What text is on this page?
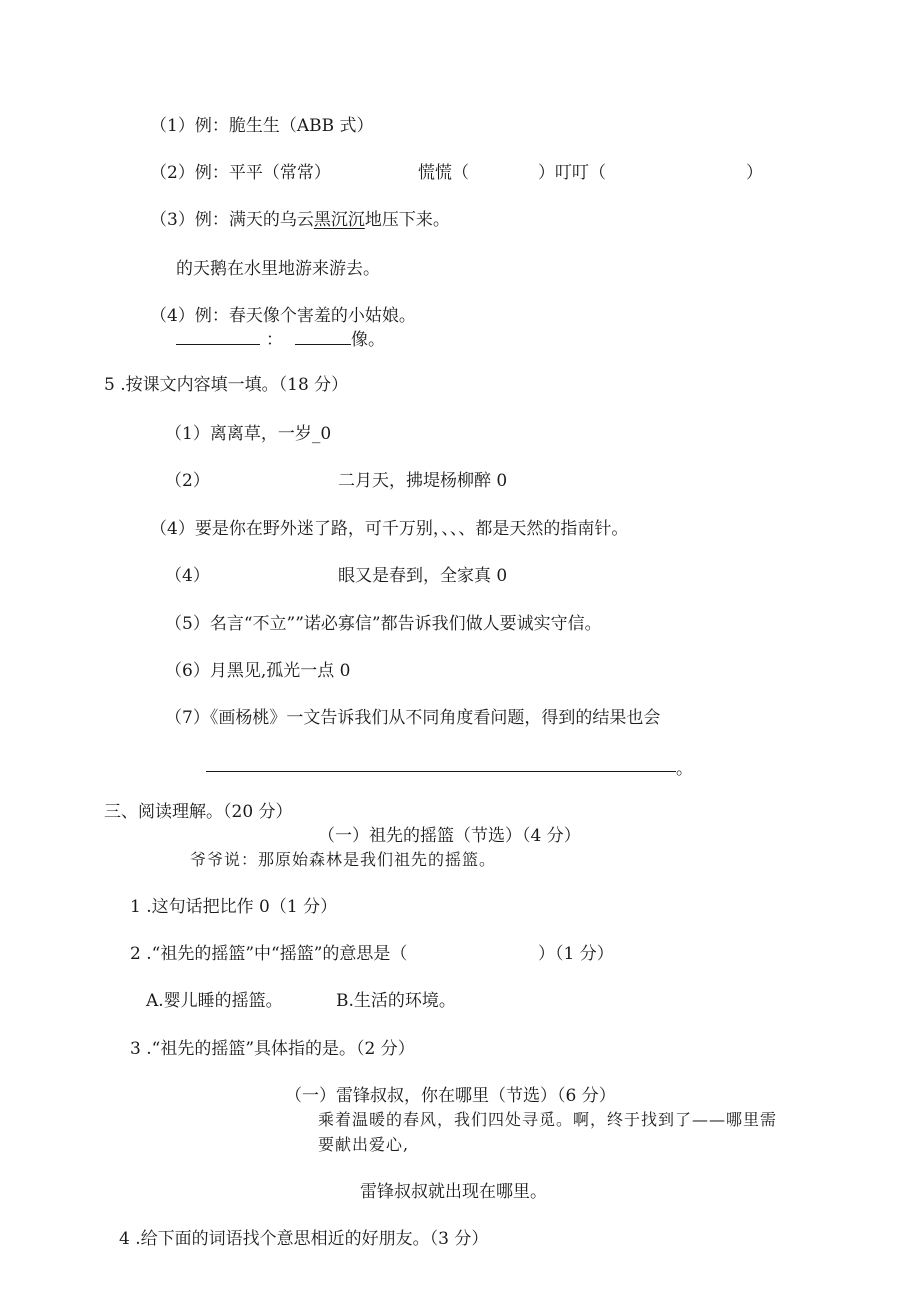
（1）例：脆生生（ABB 式）
（2）例：平平（常常）	慌慌（	）叮叮（	）
（3）例：满天的乌云黑沉沉地压下来。
的天鹅在水里地游来游去。
（4）例：春天像个害羞的小姑娘。
：	像。
5 .按课文内容填一填。（18 分）
（1）离离草，一岁_0
（2）	二月天，拂堤杨柳醉 0
（4）要是你在野外迷了路，可千万别，、、、都是天然的指南针。
（4）	眼又是春到，全家真 0
（5）名言“不立””诺必寡信”都告诉我们做人要诚实守信。
（6）月黑见,孤光一点 0
（7）《画杨桃》一文告诉我们从不同角度看问题，得到的结果也会
。
三、阅读理解。（20 分）
（一）祖先的摇篮（节选）（4 分）
爷爷说：那原始森林是我们祖先的摇篮。
1 .这句话把比作 0（1 分）
2 .“祖先的摇篮”中“摇篮”的意思是（	）（1 分）
A.婴儿睡的摇篮。	B.生活的环境。
3 .“祖先的摇篮”具体指的是。（2 分）
（一）雷锋叔叔，你在哪里（节选）（6 分）
乘着温暖的春风，我们四处寻觅。啊，终于找到了——哪里需
要献出爱心,
雷锋叔叔就出现在哪里。
4 .给下面的词语找个意思相近的好朋友。（3 分）
